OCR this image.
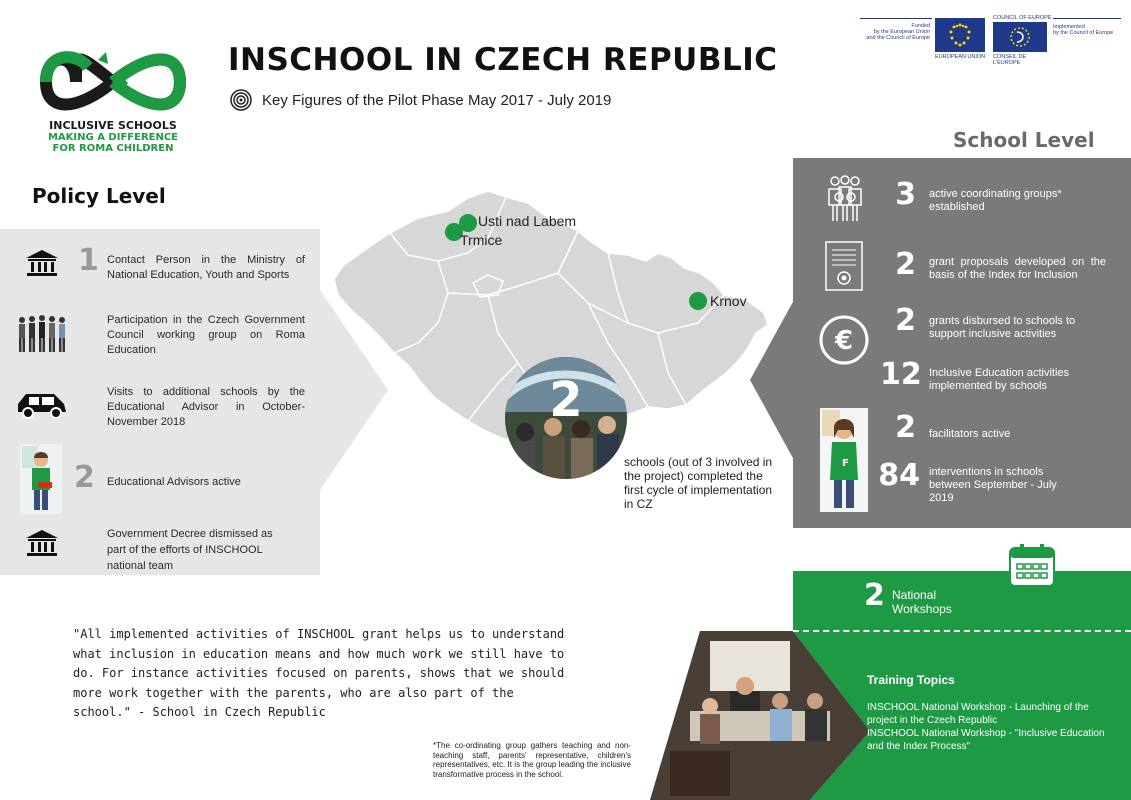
INCLUSIVE SCHOOLS
MAKING A DIFFERENCE
FOR ROMA CHILDREN
INSCHOOL IN CZECH REPUBLIC
Key Figures of the Pilot Phase May 2017 - July 2019
Funded
by the European Union
and the Council of Europe
EUROPEAN UNION
COUNCIL OF EUROPE
CONSEIL DE L'EUROPE
Implemented
by the Council of Europe
Policy Level
1 Contact Person in the Ministry of National Education, Youth and Sports
Participation in the Czech Government Council working group on Roma Education
Visits to additional schools by the Educational Advisor in October-November 2018
2 Educational Advisors active
Government Decree dismissed as part of the efforts of INSCHOOL national team
Usti nad Labem
Trmice
Krnov
2
schools (out of 3 involved in the project) completed the first cycle of implementation in CZ
School Level
3 active coordinating groups* established
2 grant proposals developed on the basis of the Index for Inclusion
€
2 grants disbursed to schools to support inclusive activities
12 Inclusive Education activities implemented by schools
F
2 facilitators active
84 interventions in schools between September - July 2019
2 National
Workshops
Training Topics
INSCHOOL National Workshop - Launching of the project in the Czech Republic
INSCHOOL National Workshop - "Inclusive Education and the Index Process"
"All implemented activities of INSCHOOL grant helps us to understand what inclusion in education means and how much work we still have to do. For instance activities focused on parents, shows that we should more work together with the parents, who are also part of the school." - School in Czech Republic
*The co-ordinating group gathers teaching and non-teaching staff, parents' representative, children's representatives, etc. It is the group leading the inclusive transformative process in the school.
